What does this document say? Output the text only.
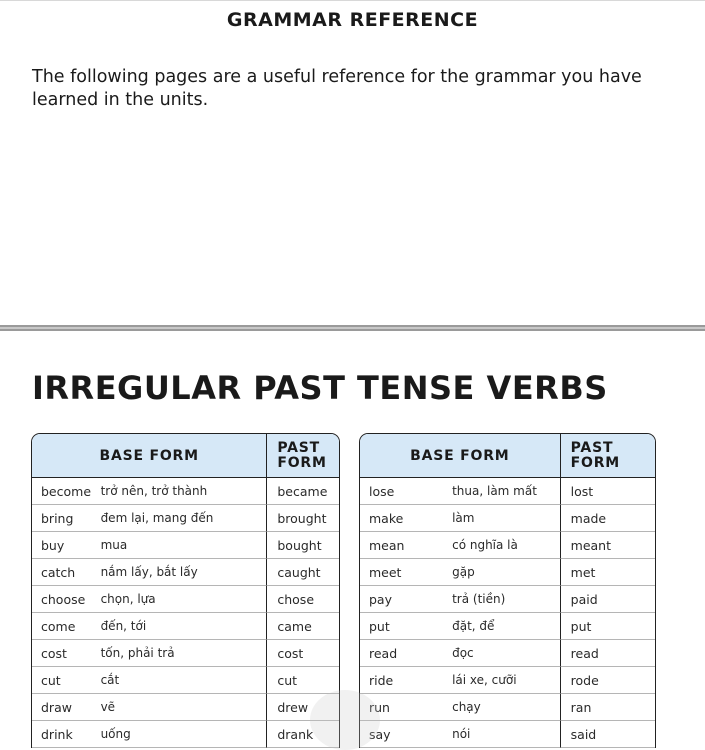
GRAMMAR REFERENCE
The following pages are a useful reference for the grammar you have learned in the units.
IRREGULAR PAST TENSE VERBS
BASE FORM		PAST
FORM
become	trở nên, trở thành	became
bring	đem lại, mang đến	brought
buy	mua	bought
catch	nắm lấy, bắt lấy	caught
choose	chọn, lựa	chose
come	đến, tới	came
cost	tốn, phải trả	cost
cut	cắt	cut
draw	vẽ	drew
drink	uống	drank
BASE FORM		PAST
FORM
lose	thua, làm mất	lost
make	làm	made
mean	có nghĩa là	meant
meet	gặp	met
pay	trả (tiền)	paid
put	đặt, để	put
read	đọc	read
ride	lái xe, cưỡi	rode
run	chạy	ran
say	nói	said
